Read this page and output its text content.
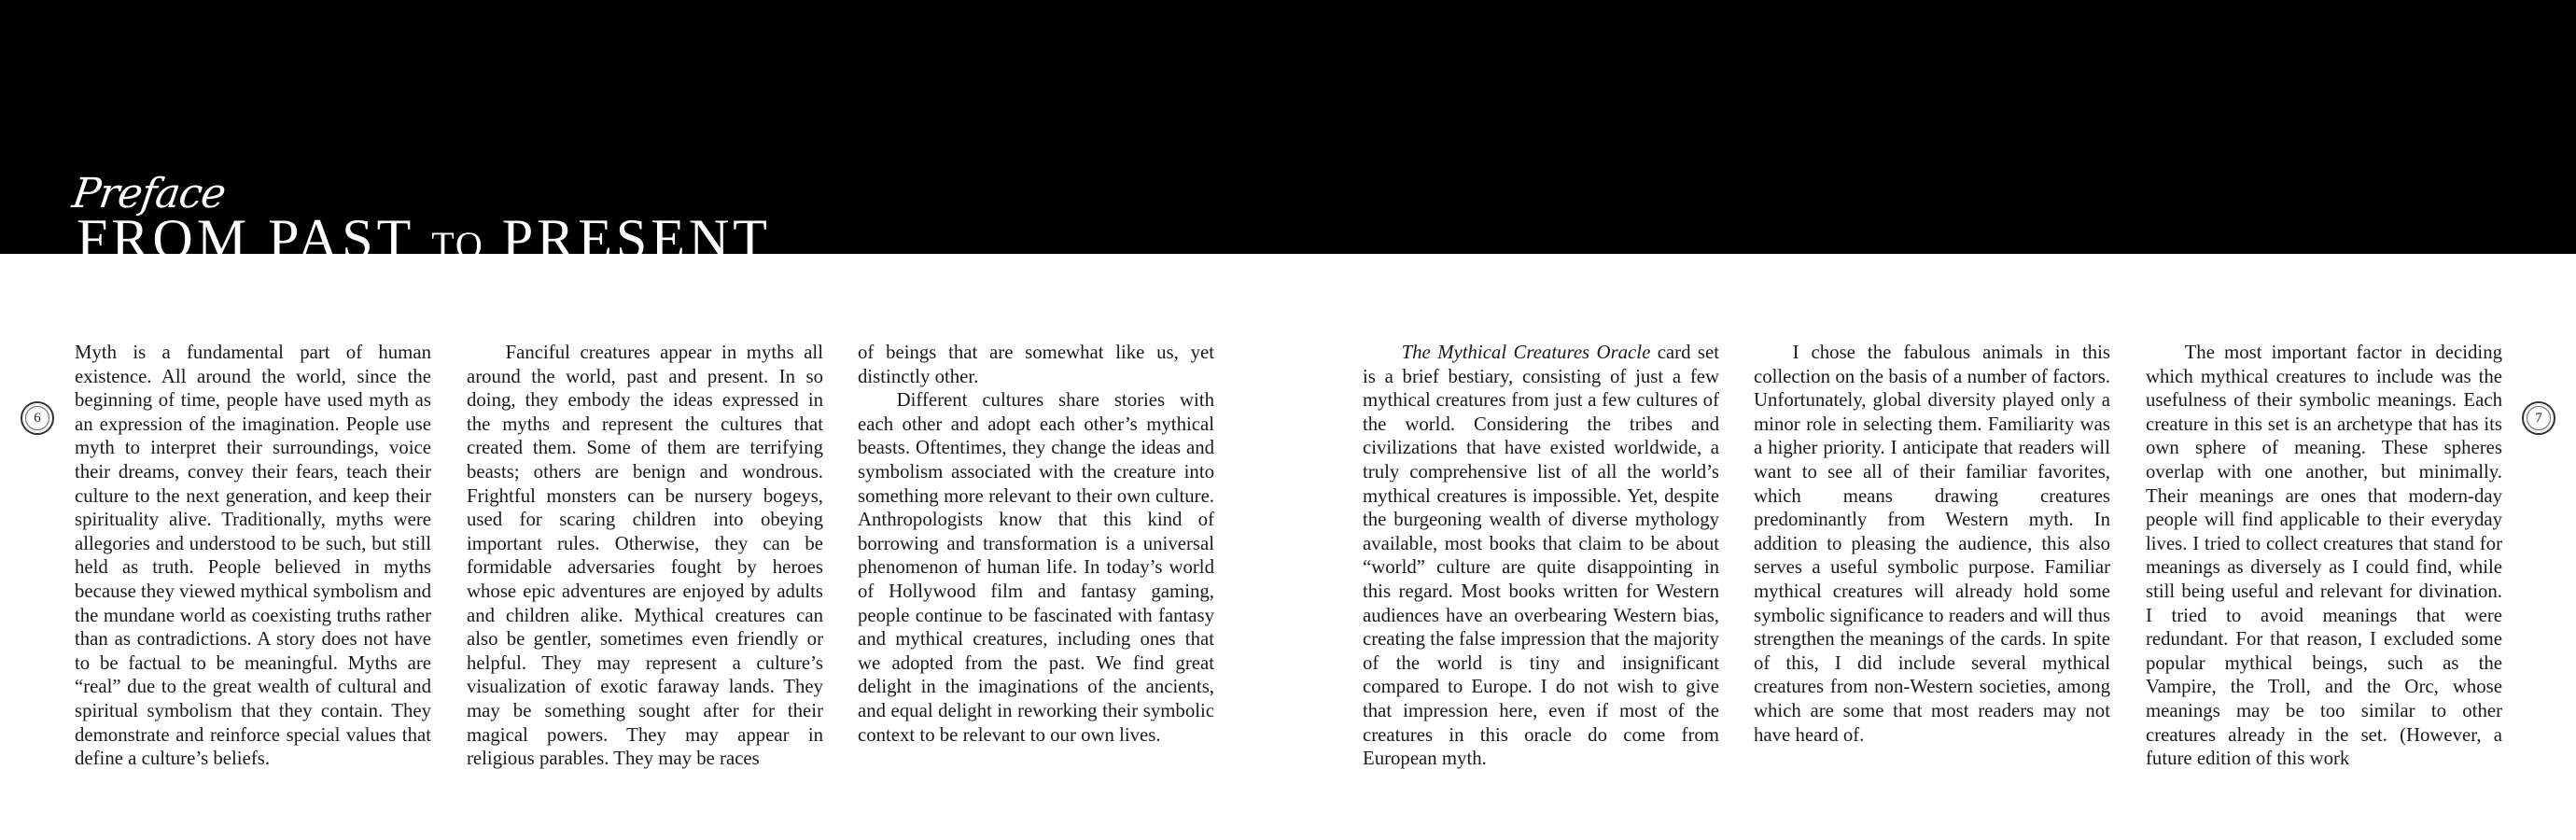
Preface
FROM PAST TO PRESENT
6	7
Myth is a fundamental part of human existence. All around the world, since the beginning of time, people have used myth as an expression of the imagination. People use myth to interpret their surroundings, voice their dreams, convey their fears, teach their culture to the next generation, and keep their spirituality alive. Traditionally, myths were allegories and understood to be such, but still held as truth. People believed in myths because they viewed mythical symbolism and the mundane world as coexisting truths rather than as contradictions. A story does not have to be factual to be meaningful. Myths are “real” due to the great wealth of cultural and spiritual symbolism that they contain. They demonstrate and reinforce special values that define a culture’s beliefs.
  Fanciful creatures appear in myths all around the world, past and present. In so doing, they embody the ideas expressed in the myths and represent the cultures that created them. Some of them are terrifying beasts; others are benign and wondrous. Frightful monsters can be nursery bogeys, used for scaring children into obeying important rules. Otherwise, they can be formidable adversaries fought by heroes whose epic adventures are enjoyed by adults and children alike. Mythical creatures can also be gentler, sometimes even friendly or helpful. They may represent a culture’s visualization of exotic faraway lands. They may be something sought after for their magical powers. They may appear in religious parables. They may be races
of beings that are somewhat like us, yet distinctly other.
  Different cultures share stories with each other and adopt each other’s mythical beasts. Oftentimes, they change the ideas and symbolism associated with the creature into something more relevant to their own culture. Anthropologists know that this kind of borrowing and transformation is a universal phenomenon of human life. In today’s world of Hollywood film and fantasy gaming, people continue to be fascinated with fantasy and mythical creatures, including ones that we adopted from the past. We find great delight in the imaginations of the ancients, and equal delight in reworking their symbolic context to be relevant to our own lives.
  The Mythical Creatures Oracle card set is a brief bestiary, consisting of just a few mythical creatures from just a few cultures of the world. Considering the tribes and civilizations that have existed worldwide, a truly comprehensive list of all the world’s mythical creatures is impossible. Yet, despite the burgeoning wealth of diverse mythology available, most books that claim to be about “world” culture are quite disappointing in this regard. Most books written for Western audiences have an overbearing Western bias, creating the false impression that the majority of the world is tiny and insignificant compared to Europe. I do not wish to give that impression here, even if most of the creatures in this oracle do come from European myth.
  I chose the fabulous animals in this collection on the basis of a number of factors. Unfortunately, global diversity played only a minor role in selecting them. Familiarity was a higher priority. I anticipate that readers will want to see all of their familiar favorites, which means drawing creatures predominantly from Western myth. In addition to pleasing the audience, this also serves a useful symbolic purpose. Familiar mythical creatures will already hold some symbolic significance to readers and will thus strengthen the meanings of the cards. In spite of this, I did include several mythical creatures from non-Western societies, among which are some that most readers may not have heard of.
  The most important factor in deciding which mythical creatures to include was the usefulness of their symbolic meanings. Each creature in this set is an archetype that has its own sphere of meaning. These spheres overlap with one another, but minimally. Their meanings are ones that modern-day people will find applicable to their everyday lives. I tried to collect creatures that stand for meanings as diversely as I could find, while still being useful and relevant for divination. I tried to avoid meanings that were redundant. For that reason, I excluded some popular mythical beings, such as the Vampire, the Troll, and the Orc, whose meanings may be too similar to other creatures already in the set. (However, a future edition of this work
